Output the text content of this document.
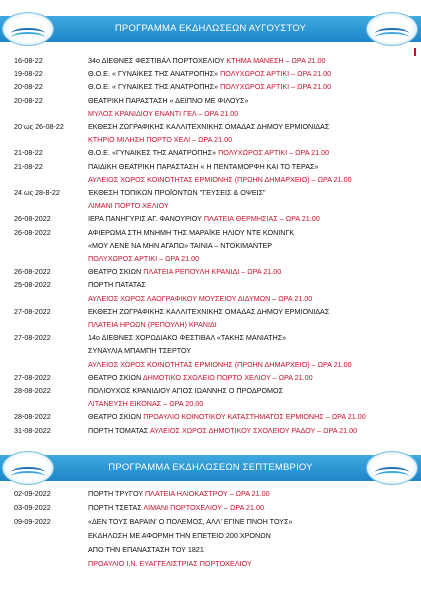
ΠΡΟΓΡΑΜΜΑ ΕΚΔΗΛΩΣΕΩΝ ΑΥΓΟΥΣΤΟΥ
16-08-22	34ο ΔΙΕΘΝΕΣ ΦΕΣΤΙΒΑΛ ΠΟΡΤΟΧΕΛΙΟΥ ΚΤΗΜΑ ΜΑΝΕΣΗ – ΩΡΑ 21.00
19-08-22	Θ.Ο.Ε. « ΓΥΝΑΙΚΕΣ ΤΗΣ ΑΝΑΤΡΟΠΗΣ» ΠΟΛΥΧΩΡΟΣ ΑΡΤΙΚΙ – ΩΡΑ 21.00
20-08-22	Θ.Ο.Ε. « ΓΥΝΑΙΚΕΣ ΤΗΣ ΑΝΑΤΡΟΠΗΣ» ΠΟΛΥΧΩΡΟΣ ΑΡΤΙΚΙ – ΩΡΑ 21.00
20-08-22	ΘΕΑΤΡΙΚΗ ΠΑΡΑΣΤΑΣΗ « ΔΕΙΠΝΟ ΜΕ ΦΙΛΟΥΣ»
ΜΥΛΟΣ ΚΡΑΝΙΔΙΟΥ ΕΝΑΝΤΙ ΓΕΛ – ΩΡΑ 21.00
20 ως 26-08-22	ΕΚΘΕΣΗ ΖΩΓΡΑΦΙΚΗΣ ΚΑΛΛΙΤΕΧΝΙΚΗΣ ΟΜΑΔΑΣ ΔΗΜΟΥ ΕΡΜΙΟΝΙΔΑΣ
ΚΤΗΡΙΟ ΜΙΛΗΣΗ ΠΟΡΤΟ ΧΕΛΙ – ΩΡΑ 21.00
21-08-22	Θ.Ο.Ε. «ΓΥΝΑΙΚΕΣ ΤΗΣ ΑΝΑΤΡΟΠΗΣ» ΠΟΛΥΧΩΡΟΣ ΑΡΤΙΚΙ – ΩΡΑ 21.00
21-08-22	ΠΑΙΔΙΚΗ ΘΕΑΤΡΙΚΗ ΠΑΡΑΣΤΑΣΗ « Η ΠΕΝΤΑΜΟΡΦΗ ΚΑΙ ΤΟ ΤΕΡΑΣ»
ΑΥΛΕΙΟΣ ΧΩΡΟΣ ΚΟΙΝΟΤΗΤΑΣ ΕΡΜΙΟΝΗΣ (ΠΡΩΗΝ ΔΗΜΑΡΧΕΙΟ) – ΩΡΑ 21.00
24 ως 28-8-22	ΈΚΘΕΣΗ ΤΟΠΙΚΩΝ ΠΡΟΪΟΝΤΩΝ "ΓΕΥΣΕΙΣ & ΟΨΕΙΣ"
ΛΙΜΑΝΙ ΠΟΡΤΟ ΧΕΛΙΟΥ
26-08-2022	ΙΕΡΑ ΠΑΝΗΓΥΡΙΣ ΑΓ. ΦΑΝΟΥΡΙΟΥ ΠΛΑΤΕΙΑ ΘΕΡΜΗΣΙΑΣ – ΩΡΑ 21.00
26-08-2022	ΑΦΙΕΡΩΜΑ ΣΤΗ ΜΝΗΜΗ ΤΗΣ ΜΑΡΑΪΚΕ ΗΛΙΟΥ ΝΤΕ ΚΟΝΙΝΓΚ
«ΜΟΥ ΛΕΝΕ ΝΑ ΜΗΝ ΑΓΑΠΩ» ΤΑΙΝΙΑ – ΝΤΟΚΙΜΑΝΤΕΡ
ΠΟΛΥΧΩΡΟΣ ΑΡΤΙΚΙ – ΩΡΑ 21.00
26-08-2022	ΘΕΑΤΡΟ ΣΚΙΩΝ ΠΛΑΤΕΙΑ ΡΕΠΟΥΛΗ ΚΡΑΝΙΔΙ – ΩΡΑ 21.00
25-08-2022	ΠΟΡΤΗ ΠΑΤΑΤΑΣ
ΑΥΛΕΙΟΣ ΧΩΡΟΣ ΛΑΟΓΡΑΦΙΚΟΥ ΜΟΥΣΕΙΟΥ ΔΙΔΥΜΩΝ – ΩΡΑ 21.00
27-08-2022	ΕΚΘΕΣΗ ΖΩΓΡΑΦΙΚΗΣ ΚΑΛΛΙΤΕΧΝΙΚΗΣ ΟΜΑΔΑΣ ΔΗΜΟΥ ΕΡΜΙΟΝΙΔΑΣ
ΠΛΑΤΕΙΑ ΗΡΩΩΝ (ΡΕΠΟΥΛΗ) ΚΡΑΝΙΔΙ
27-08-2022	14ο ΔΙΕΘΝΕΣ ΧΟΡΩΔΙΑΚΟ ΦΕΣΤΙΒΑΛ «ΤΑΚΗΣ ΜΑΝΙΑΤΗΣ»
ΣΥΝΑΥΛΙΑ ΜΠΑΜΠΗ ΤΣΕΡΤΟΥ
ΑΥΛΕΙΟΣ ΧΩΡΟΣ ΚΟΙΝΟΤΗΤΑΣ ΕΡΜΙΟΝΗΣ (ΠΡΩΗΝ ΔΗΜΑΡΧΕΙΟ) – ΩΡΑ 21.00
27-08-2022	ΘΕΑΤΡΟ ΣΚΙΩΝ ΔΗΜΟΤΙΚΟ ΣΧΟΛΕΙΟ ΠΟΡΤΟ ΧΕΛΙΟΥ – ΩΡΑ 21.00
28-08-2022	ΠΟΛΙΟΥΧΟΣ ΚΡΑΝΙΔΙΟΥ ΑΓΙΟΣ ΙΩΑΝΝΗΣ Ο ΠΡΟΔΡΟΜΟΣ
ΛΙΤΑΝΕΥΣΗ ΕΙΚΟΝΑΣ – ΩΡΑ 20.00
28-08-2022	ΘΕΑΤΡΟ ΣΚΙΩΝ ΠΡΟΑΥΛΙΟ ΚΟΙΝΟΤΙΚΟΥ ΚΑΤΑΣΤΗΜΑΤΟΣ ΕΡΜΙΟΝΗΣ – ΩΡΑ 21.00
31-08-2022	ΠΟΡΤΗ ΤΟΜΑΤΑΣ ΑΥΛΕΙΟΣ ΧΩΡΟΣ ΔΗΜΟΤΙΚΟΥ ΣΧΟΛΕΙΟΥ ΡΑΔΟΥ – ΩΡΑ 21.00
ΠΡΟΓΡΑΜΜΑ ΕΚΔΗΛΩΣΕΩΝ ΣΕΠΤΕΜΒΡΙΟΥ
02-09-2022	ΠΟΡΤΗ ΤΡΥΓΟΥ ΠΛΑΤΕΙΑ ΗΛΙΟΚΑΣΤΡΟΥ – ΩΡΑ 21.00
03-09-2022	ΠΟΡΤΗ ΤΣΕΤΑΣ ΛΙΜΑΝΙ ΠΟΡΤΟΧΕΛΙΟΥ – ΩΡΑ 21.00
09-09-2022	«ΔΕΝ ΤΟΥΣ ΒΑΡΑΙΝ' Ο ΠΟΛΕΜΟΣ, ΑΛΛ' ΕΓΙΝΕ ΠΝΟΗ ΤΟΥΣ»
ΕΚΔΗΛΩΣΗ ΜΕ ΑΦΟΡΜΗ ΤΗΝ ΕΠΕΤΕΙΟ 200 ΧΡΟΝΩΝ
ΑΠΟ ΤΗΝ ΕΠΑΝΑΣΤΑΣΗ ΤΟΥ 1821
ΠΡΟΑΥΛΙΟ Ι.Ν. ΕΥΑΓΓΕΛΙΣΤΡΙΑΣ ΠΟΡΤΟΧΕΛΙΟΥ
